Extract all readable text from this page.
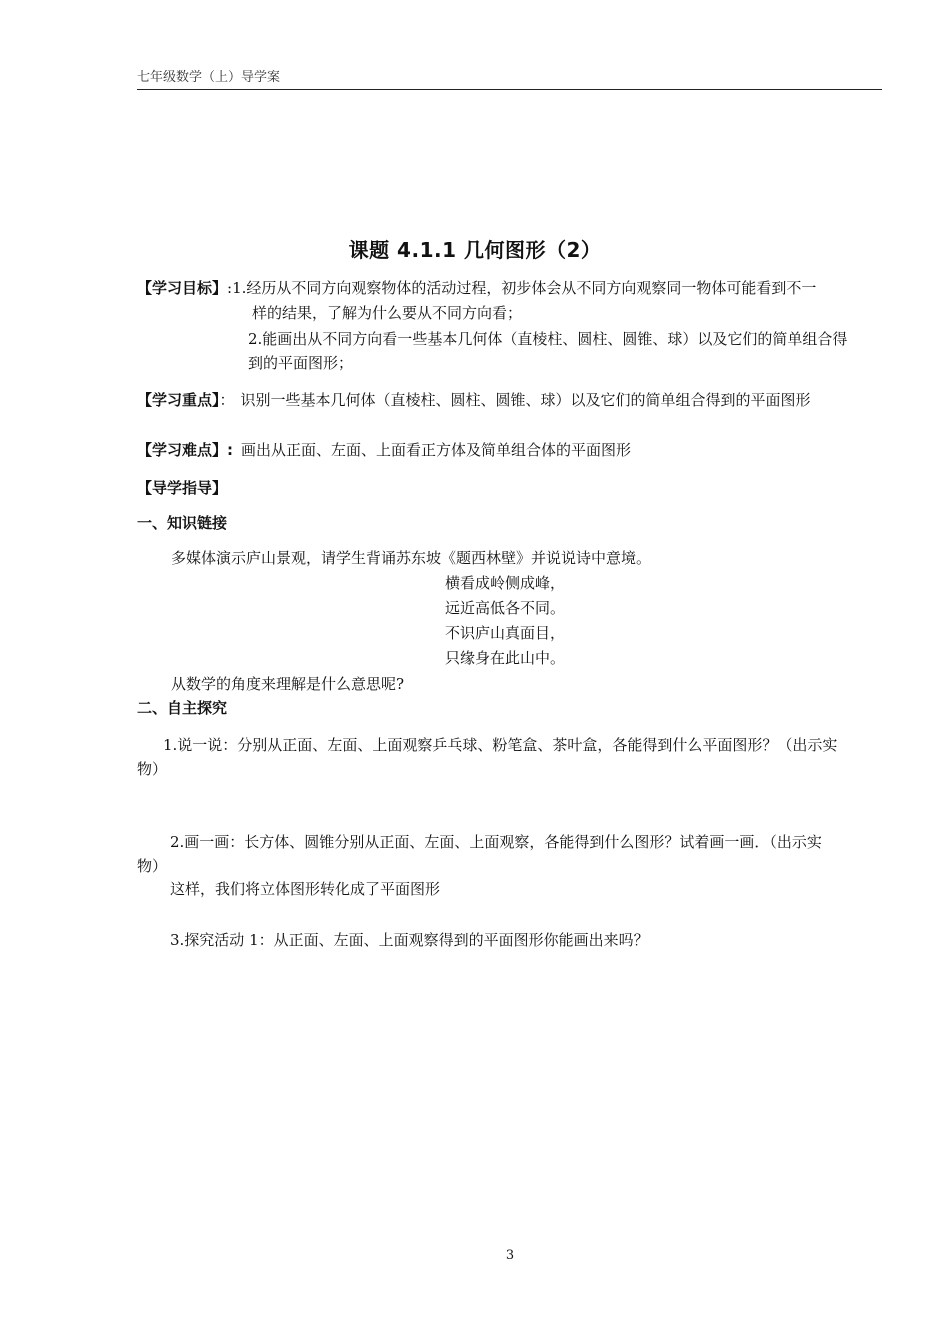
七年级数学（上）导学案
课题 4.1.1 几何图形（2）
【学习目标】:1.经历从不同方向观察物体的活动过程，初步体会从不同方向观察同一物体可能看到不一
样的结果，了解为什么要从不同方向看；
2.能画出从不同方向看一些基本几何体（直棱柱、圆柱、圆锥、球）以及它们的简单组合得
到的平面图形；
【学习重点】： 识别一些基本几何体（直棱柱、圆柱、圆锥、球）以及它们的简单组合得到的平面图形
【学习难点】: 画出从正面、左面、上面看正方体及简单组合体的平面图形
【导学指导】
一、知识链接
多媒体演示庐山景观，请学生背诵苏东坡《题西林壁》并说说诗中意境。
横看成岭侧成峰，
远近高低各不同。
不识庐山真面目，
只缘身在此山中。
从数学的角度来理解是什么意思呢?
二、自主探究
1.说一说：分别从正面、左面、上面观察乒乓球、粉笔盒、茶叶盒，各能得到什么平面图形？（出示实
物）
2.画一画：长方体、圆锥分别从正面、左面、上面观察，各能得到什么图形？试着画一画．（出示实
物）
这样，我们将立体图形转化成了平面图形
3.探究活动 1：从正面、左面、上面观察得到的平面图形你能画出来吗？
3
